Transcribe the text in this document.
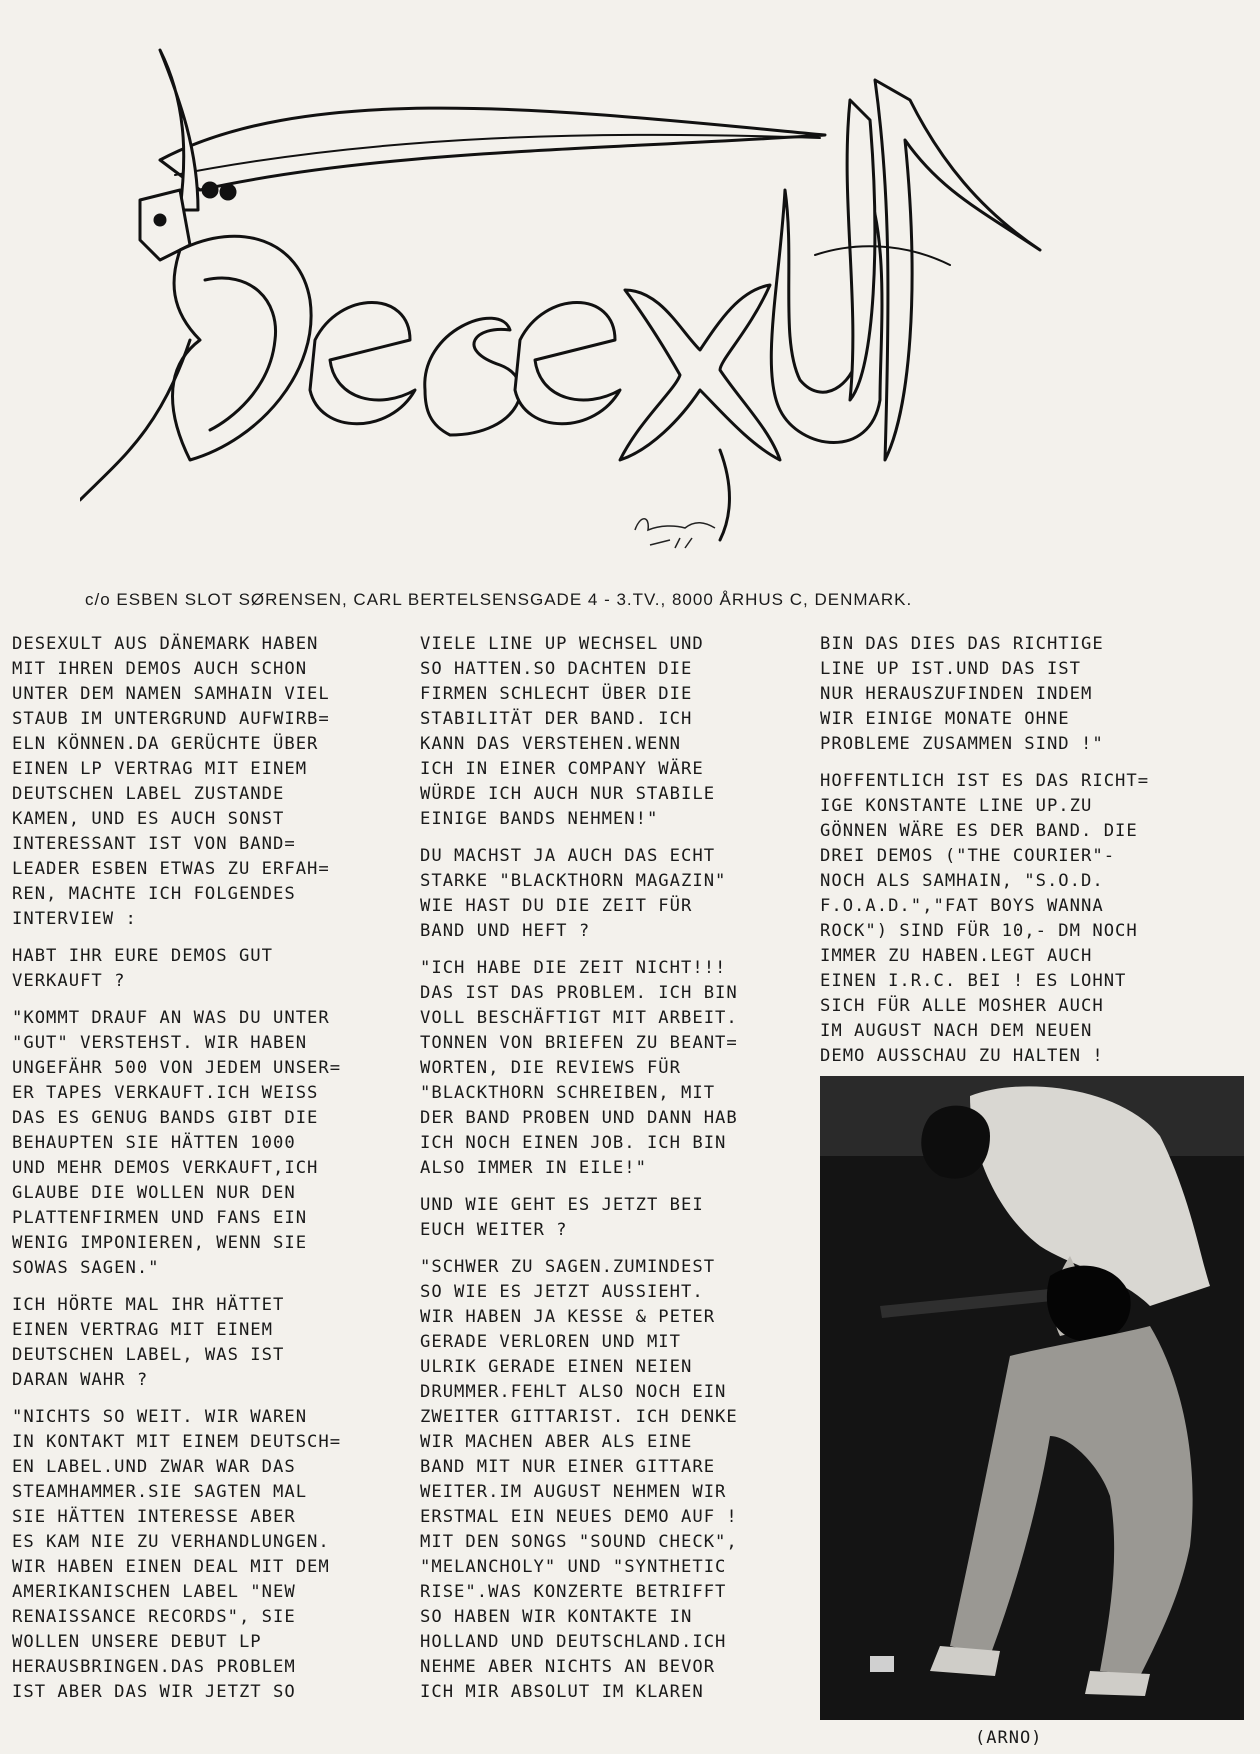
c/o ESBEN SLOT SØRENSEN, CARL BERTELSENSGADE 4 - 3.TV., 8000 ÅRHUS C, DENMARK.

DESEXULT AUS DÄNEMARK HABEN
MIT IHREN DEMOS AUCH SCHON
UNTER DEM NAMEN SAMHAIN VIEL
STAUB IM UNTERGRUND AUFWIRB=
ELN KÖNNEN.DA GERÜCHTE ÜBER
EINEN LP VERTRAG MIT EINEM
DEUTSCHEN LABEL ZUSTANDE
KAMEN, UND ES AUCH SONST
INTERESSANT IST VON BAND=
LEADER ESBEN ETWAS ZU ERFAH=
REN, MACHTE ICH FOLGENDES
INTERVIEW :

HABT IHR EURE DEMOS GUT
VERKAUFT ?

"KOMMT DRAUF AN WAS DU UNTER
"GUT" VERSTEHST. WIR HABEN
UNGEFÄHR 500 VON JEDEM UNSER=
ER TAPES VERKAUFT.ICH WEISS
DAS ES GENUG BANDS GIBT DIE
BEHAUPTEN SIE HÄTTEN 1000
UND MEHR DEMOS VERKAUFT,ICH
GLAUBE DIE WOLLEN NUR DEN
PLATTENFIRMEN UND FANS EIN
WENIG IMPONIEREN, WENN SIE
SOWAS SAGEN."

ICH HÖRTE MAL IHR HÄTTET
EINEN VERTRAG MIT EINEM
DEUTSCHEN LABEL, WAS IST
DARAN WAHR ?

"NICHTS SO WEIT. WIR WAREN
IN KONTAKT MIT EINEM DEUTSCH=
EN LABEL.UND ZWAR WAR DAS
STEAMHAMMER.SIE SAGTEN MAL
SIE HÄTTEN INTERESSE ABER
ES KAM NIE ZU VERHANDLUNGEN.
WIR HABEN EINEN DEAL MIT DEM
AMERIKANISCHEN LABEL "NEW
RENAISSANCE RECORDS", SIE
WOLLEN UNSERE DEBUT LP
HERAUSBRINGEN.DAS PROBLEM
IST ABER DAS WIR JETZT SO

VIELE LINE UP WECHSEL UND
SO HATTEN.SO DACHTEN DIE
FIRMEN SCHLECHT ÜBER DIE
STABILITÄT DER BAND. ICH
KANN DAS VERSTEHEN.WENN
ICH IN EINER COMPANY WÄRE
WÜRDE ICH AUCH NUR STABILE
EINIGE BANDS NEHMEN!"

DU MACHST JA AUCH DAS ECHT
STARKE "BLACKTHORN MAGAZIN"
WIE HAST DU DIE ZEIT FÜR
BAND UND HEFT ?

"ICH HABE DIE ZEIT NICHT!!!
DAS IST DAS PROBLEM. ICH BIN
VOLL BESCHÄFTIGT MIT ARBEIT.
TONNEN VON BRIEFEN ZU BEANT=
WORTEN, DIE REVIEWS FÜR
"BLACKTHORN SCHREIBEN, MIT
DER BAND PROBEN UND DANN HAB
ICH NOCH EINEN JOB. ICH BIN
ALSO IMMER IN EILE!"

UND WIE GEHT ES JETZT BEI
EUCH WEITER ?

"SCHWER ZU SAGEN.ZUMINDEST
SO WIE ES JETZT AUSSIEHT.
WIR HABEN JA KESSE & PETER
GERADE VERLOREN UND MIT
ULRIK GERADE EINEN NEIEN
DRUMMER.FEHLT ALSO NOCH EIN
ZWEITER GITTARIST. ICH DENKE
WIR MACHEN ABER ALS EINE
BAND MIT NUR EINER GITTARE
WEITER.IM AUGUST NEHMEN WIR
ERSTMAL EIN NEUES DEMO AUF !
MIT DEN SONGS "SOUND CHECK",
"MELANCHOLY" UND "SYNTHETIC
RISE".WAS KONZERTE BETRIFFT
SO HABEN WIR KONTAKTE IN
HOLLAND UND DEUTSCHLAND.ICH
NEHME ABER NICHTS AN BEVOR
ICH MIR ABSOLUT IM KLAREN

BIN DAS DIES DAS RICHTIGE
LINE UP IST.UND DAS IST
NUR HERAUSZUFINDEN INDEM
WIR EINIGE MONATE OHNE
PROBLEME ZUSAMMEN SIND !"

HOFFENTLICH IST ES DAS RICHT=
IGE KONSTANTE LINE UP.ZU
GÖNNEN WÄRE ES DER BAND. DIE
DREI DEMOS ("THE COURIER"-
NOCH ALS SAMHAIN, "S.O.D.
F.O.A.D.","FAT BOYS WANNA
ROCK") SIND FÜR 10,- DM NOCH
IMMER ZU HABEN.LEGT AUCH
EINEN I.R.C. BEI ! ES LOHNT
SICH FÜR ALLE MOSHER AUCH
IM AUGUST NACH DEM NEUEN
DEMO AUSSCHAU ZU HALTEN !

(ARNO)
